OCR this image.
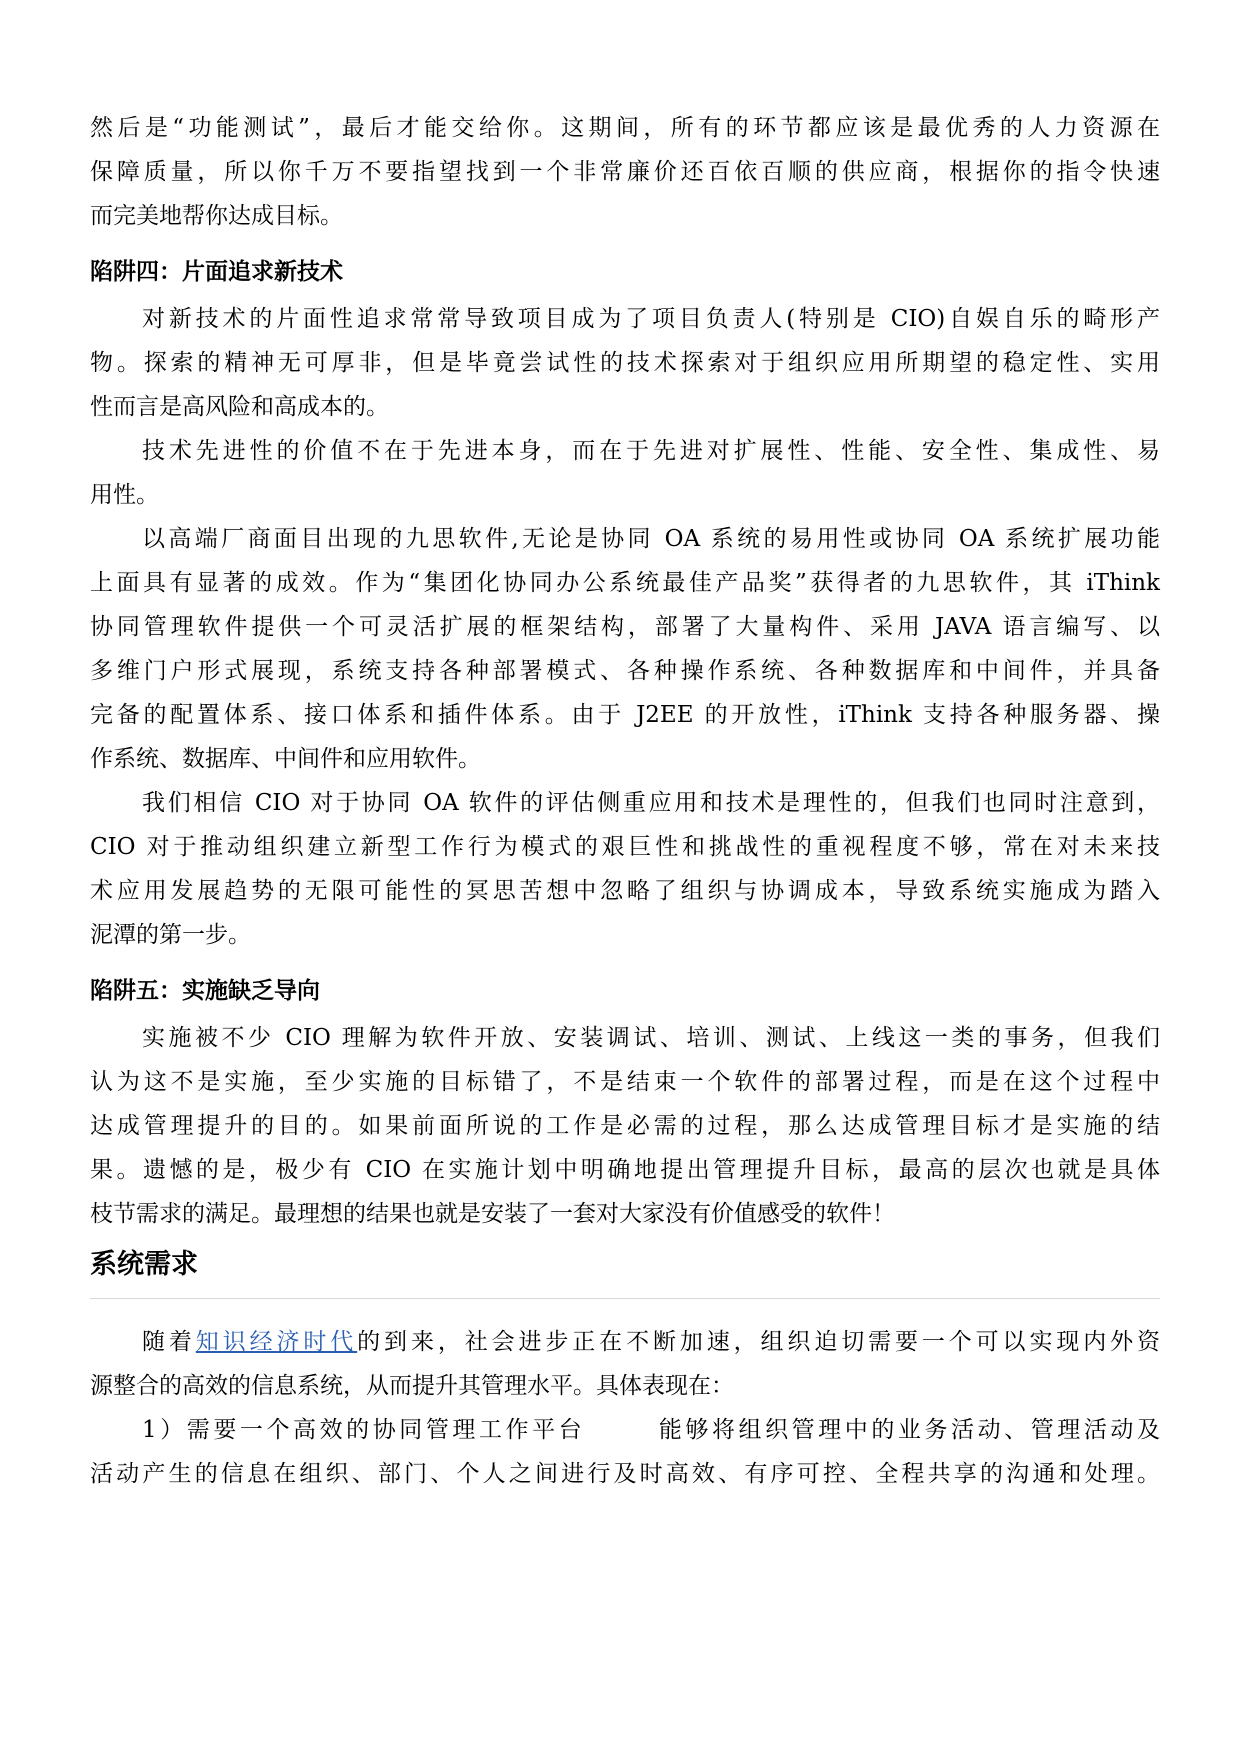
然后是“功能测试”，最后才能交给你。这期间，所有的环节都应该是最优秀的人力资源在

保障质量，所以你千万不要指望找到一个非常廉价还百依百顺的供应商，根据你的指令快速

而完美地帮你达成目标。

陷阱四：片面追求新技术

对新技术的片面性追求常常导致项目成为了项目负责人(特别是 CIO)自娱自乐的畸形产

物。探索的精神无可厚非，但是毕竟尝试性的技术探索对于组织应用所期望的稳定性、实用

性而言是高风险和高成本的。

技术先进性的价值不在于先进本身，而在于先进对扩展性、性能、安全性、集成性、易

用性。

以高端厂商面目出现的九思软件,无论是协同 OA 系统的易用性或协同 OA 系统扩展功能

上面具有显著的成效。作为“集团化协同办公系统最佳产品奖”获得者的九思软件，其 iThink

协同管理软件提供一个可灵活扩展的框架结构，部署了大量构件、采用 JAVA 语言编写、以

多维门户形式展现，系统支持各种部署模式、各种操作系统、各种数据库和中间件，并具备

完备的配置体系、接口体系和插件体系。由于 J2EE 的开放性，iThink 支持各种服务器、操

作系统、数据库、中间件和应用软件。

我们相信 CIO 对于协同 OA 软件的评估侧重应用和技术是理性的，但我们也同时注意到，

CIO 对于推动组织建立新型工作行为模式的艰巨性和挑战性的重视程度不够，常在对未来技

术应用发展趋势的无限可能性的冥思苦想中忽略了组织与协调成本，导致系统实施成为踏入

泥潭的第一步。

陷阱五：实施缺乏导向

实施被不少 CIO 理解为软件开放、安装调试、培训、测试、上线这一类的事务，但我们

认为这不是实施，至少实施的目标错了，不是结束一个软件的部署过程，而是在这个过程中

达成管理提升的目的。如果前面所说的工作是必需的过程，那么达成管理目标才是实施的结

果。遗憾的是，极少有 CIO 在实施计划中明确地提出管理提升目标，最高的层次也就是具体

枝节需求的满足。最理想的结果也就是安装了一套对大家没有价值感受的软件！

系统需求

随着知识经济时代的到来，社会进步正在不断加速，组织迫切需要一个可以实现内外资

源整合的高效的信息系统，从而提升其管理水平。具体表现在：

1）需要一个高效的协同管理工作平台	能够将组织管理中的业务活动、管理活动及

活动产生的信息在组织、部门、个人之间进行及时高效、有序可控、全程共享的沟通和处理。
